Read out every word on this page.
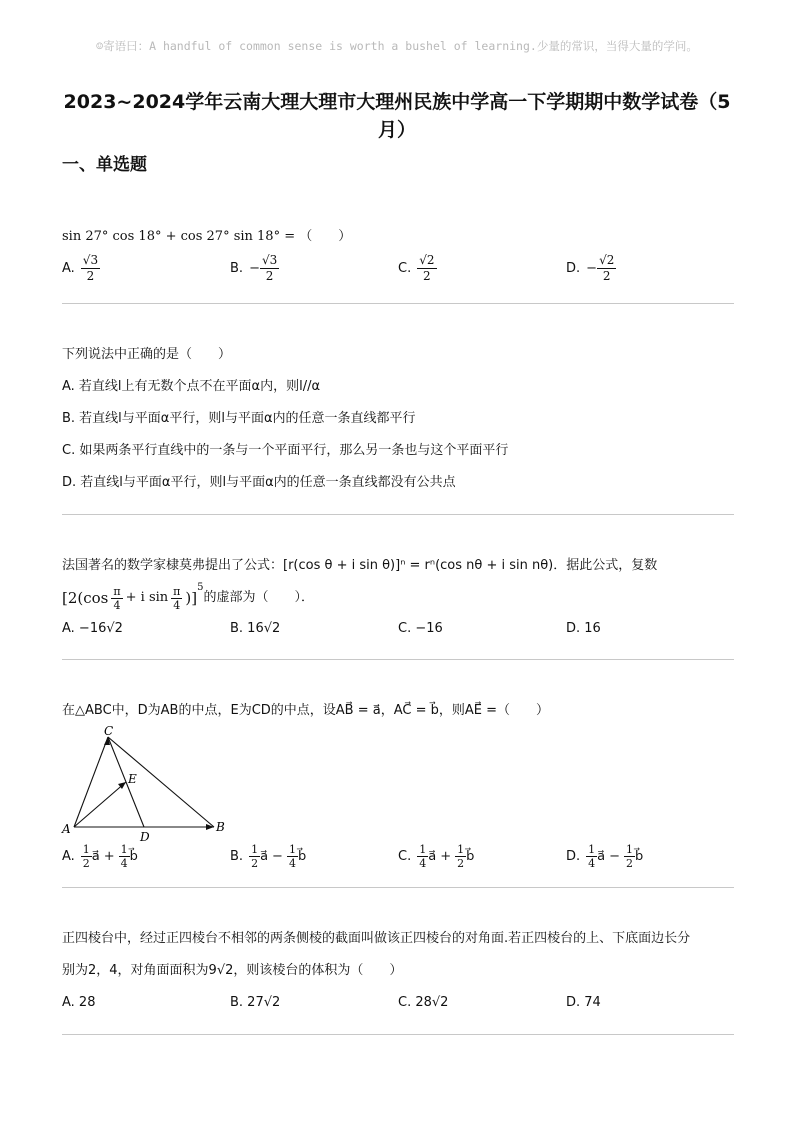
☺寄语曰：A handful of common sense is worth a bushel of learning.少量的常识，当得大量的学问。
2023~2024学年云南大理大理市大理州民族中学高一下学期期中数学试卷（5
月）
一、单选题
sin 27° cos 18° + cos 27° sin 18° = （　　）
A. $\frac{√3}{2}$	B. − $\frac{√3}{2}$	C. $\frac{√2}{2}$	D. − $\frac{√2}{2}$
下列说法中正确的是（　　）
A. 若直线l上有无数个点不在平面α内，则l//α
B. 若直线l与平面α平行，则l与平面α内的任意一条直线都平行
C. 如果两条平行直线中的一条与一个平面平行，那么另一条也与这个平面平行
D. 若直线l与平面α平行，则l与平面α内的任意一条直线都没有公共点
法国著名的数学家棣莫弗提出了公式：[r(cos θ + i sin θ)]ⁿ = rⁿ(cos nθ + i sin nθ)．据此公式，复数
[$2(\cos \frac{\pi}{4} + i$ $\sin \frac{\pi}{4}$ )]
$^5$
的虚部为（　　）．
A. −16√2	B. 16√2	C. −16	D. 16
在△ABC中，D为AB的中点，E为CD的中点，设AB⃗ = a⃗，AC⃗ = b⃗，则AE⃗ =（　　）
C
E
A
D
B
A. $\frac{1}{2}$ a⃗ + $\frac{1}{4}$ b⃗	B. $\frac{1}{2}$ a⃗ − $\frac{1}{4}$ b⃗	C. $\frac{1}{4}$ a⃗ + $\frac{1}{2}$ b⃗	D. $\frac{1}{4}$ a⃗ − $\frac{1}{2}$ b⃗
正四棱台中，经过正四棱台不相邻的两条侧棱的截面叫做该正四棱台的对角面.若正四棱台的上、下底面边长分
别为2，4，对角面面积为9√2，则该棱台的体积为（　　）
A. 28	B. 27√2	C. 28√2	D. 74
